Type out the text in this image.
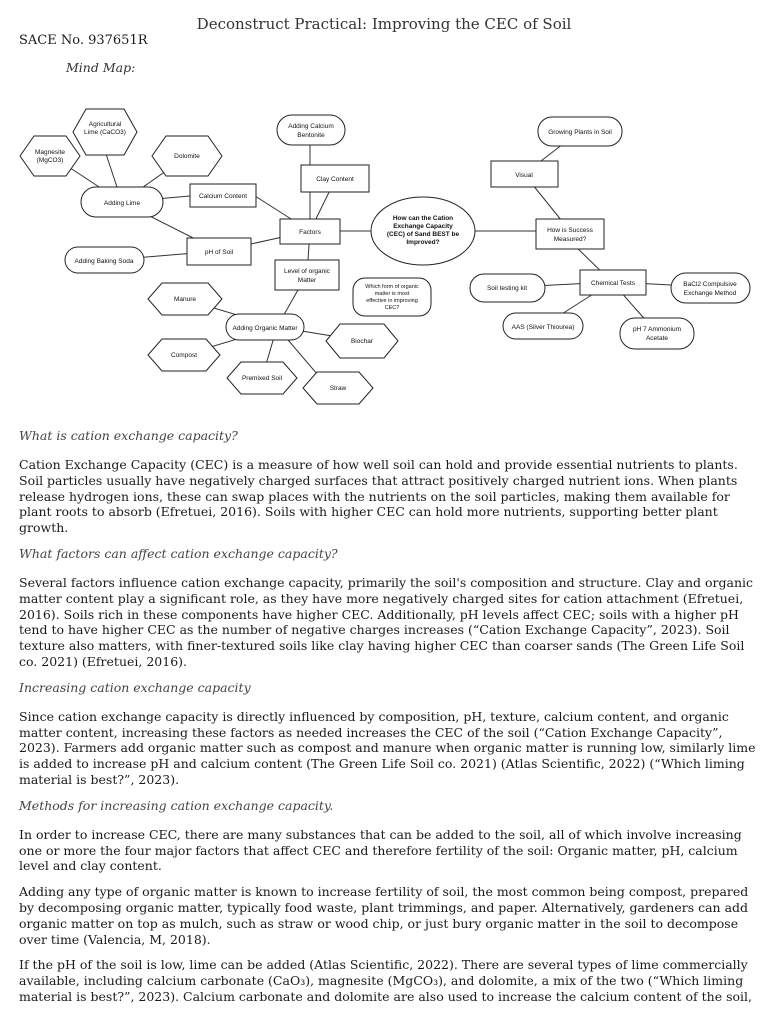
Deconstruct Practical: Improving the CEC of Soil
SACE No. 937651R
Mind Map:
Agricultural
Lime (CaCO3)
Magnesite
(MgCO3)
Dolomite
Adding Lime
Calcium Content
Adding Calcium
Bentonite
Clay Content
Factors
pH of Soil
Adding Baking Soda
Level of organic
Matter
Which form of organic
matter is most
effective in improving
CEC?
Manure
Adding Organic Matter
Biochar
Compost
Premixed Soil
Straw
How can the Cation
Exchange Capacity
(CEC) of Sand BEST be
Improved?
Growing Plants in Soil
Visual
How is Success
Measured?
Chemical Tests
Soil testing kit
BaCl2 Compulsive
Exchange Method
AAS (Silver Thiourea)	pH 7 Ammonium
Acetate
What is cation exchange capacity?
Cation Exchange Capacity (CEC) is a measure of how well soil can hold and provide essential nutrients to plants. Soil particles usually have negatively charged surfaces that attract positively charged nutrient ions. When plants release hydrogen ions, these can swap places with the nutrients on the soil particles, making them available for plant roots to absorb (Efretuei, 2016). Soils with higher CEC can hold more nutrients, supporting better plant growth.
What factors can affect cation exchange capacity?
Several factors influence cation exchange capacity, primarily the soil's composition and structure. Clay and organic matter content play a significant role, as they have more negatively charged sites for cation attachment (Efretuei, 2016). Soils rich in these components have higher CEC. Additionally, pH levels affect CEC; soils with a higher pH tend to have higher CEC as the number of negative charges increases (“Cation Exchange Capacity”, 2023). Soil texture also matters, with finer-textured soils like clay having higher CEC than coarser sands (The Green Life Soil co. 2021) (Efretuei, 2016).
Increasing cation exchange capacity
Since cation exchange capacity is directly influenced by composition, pH, texture, calcium content, and organic matter content, increasing these factors as needed increases the CEC of the soil (“Cation Exchange Capacity”, 2023). Farmers add organic matter such as compost and manure when organic matter is running low, similarly lime is added to increase pH and calcium content (The Green Life Soil co. 2021) (Atlas Scientific, 2022) (“Which liming material is best?”, 2023).
Methods for increasing cation exchange capacity.
In order to increase CEC, there are many substances that can be added to the soil, all of which involve increasing one or more the four major factors that affect CEC and therefore fertility of the soil: Organic matter, pH, calcium level and clay content.
Adding any type of organic matter is known to increase fertility of soil, the most common being compost, prepared by decomposing organic matter, typically food waste, plant trimmings, and paper. Alternatively, gardeners can add organic matter on top as mulch, such as straw or wood chip, or just bury organic matter in the soil to decompose over time (Valencia, M, 2018).
If the pH of the soil is low, lime can be added (Atlas Scientific, 2022). There are several types of lime commercially available, including calcium carbonate (CaO₃), magnesite (MgCO₃), and dolomite, a mix of the two (“Which liming material is best?”, 2023). Calcium carbonate and dolomite are also used to increase the calcium content of the soil,
